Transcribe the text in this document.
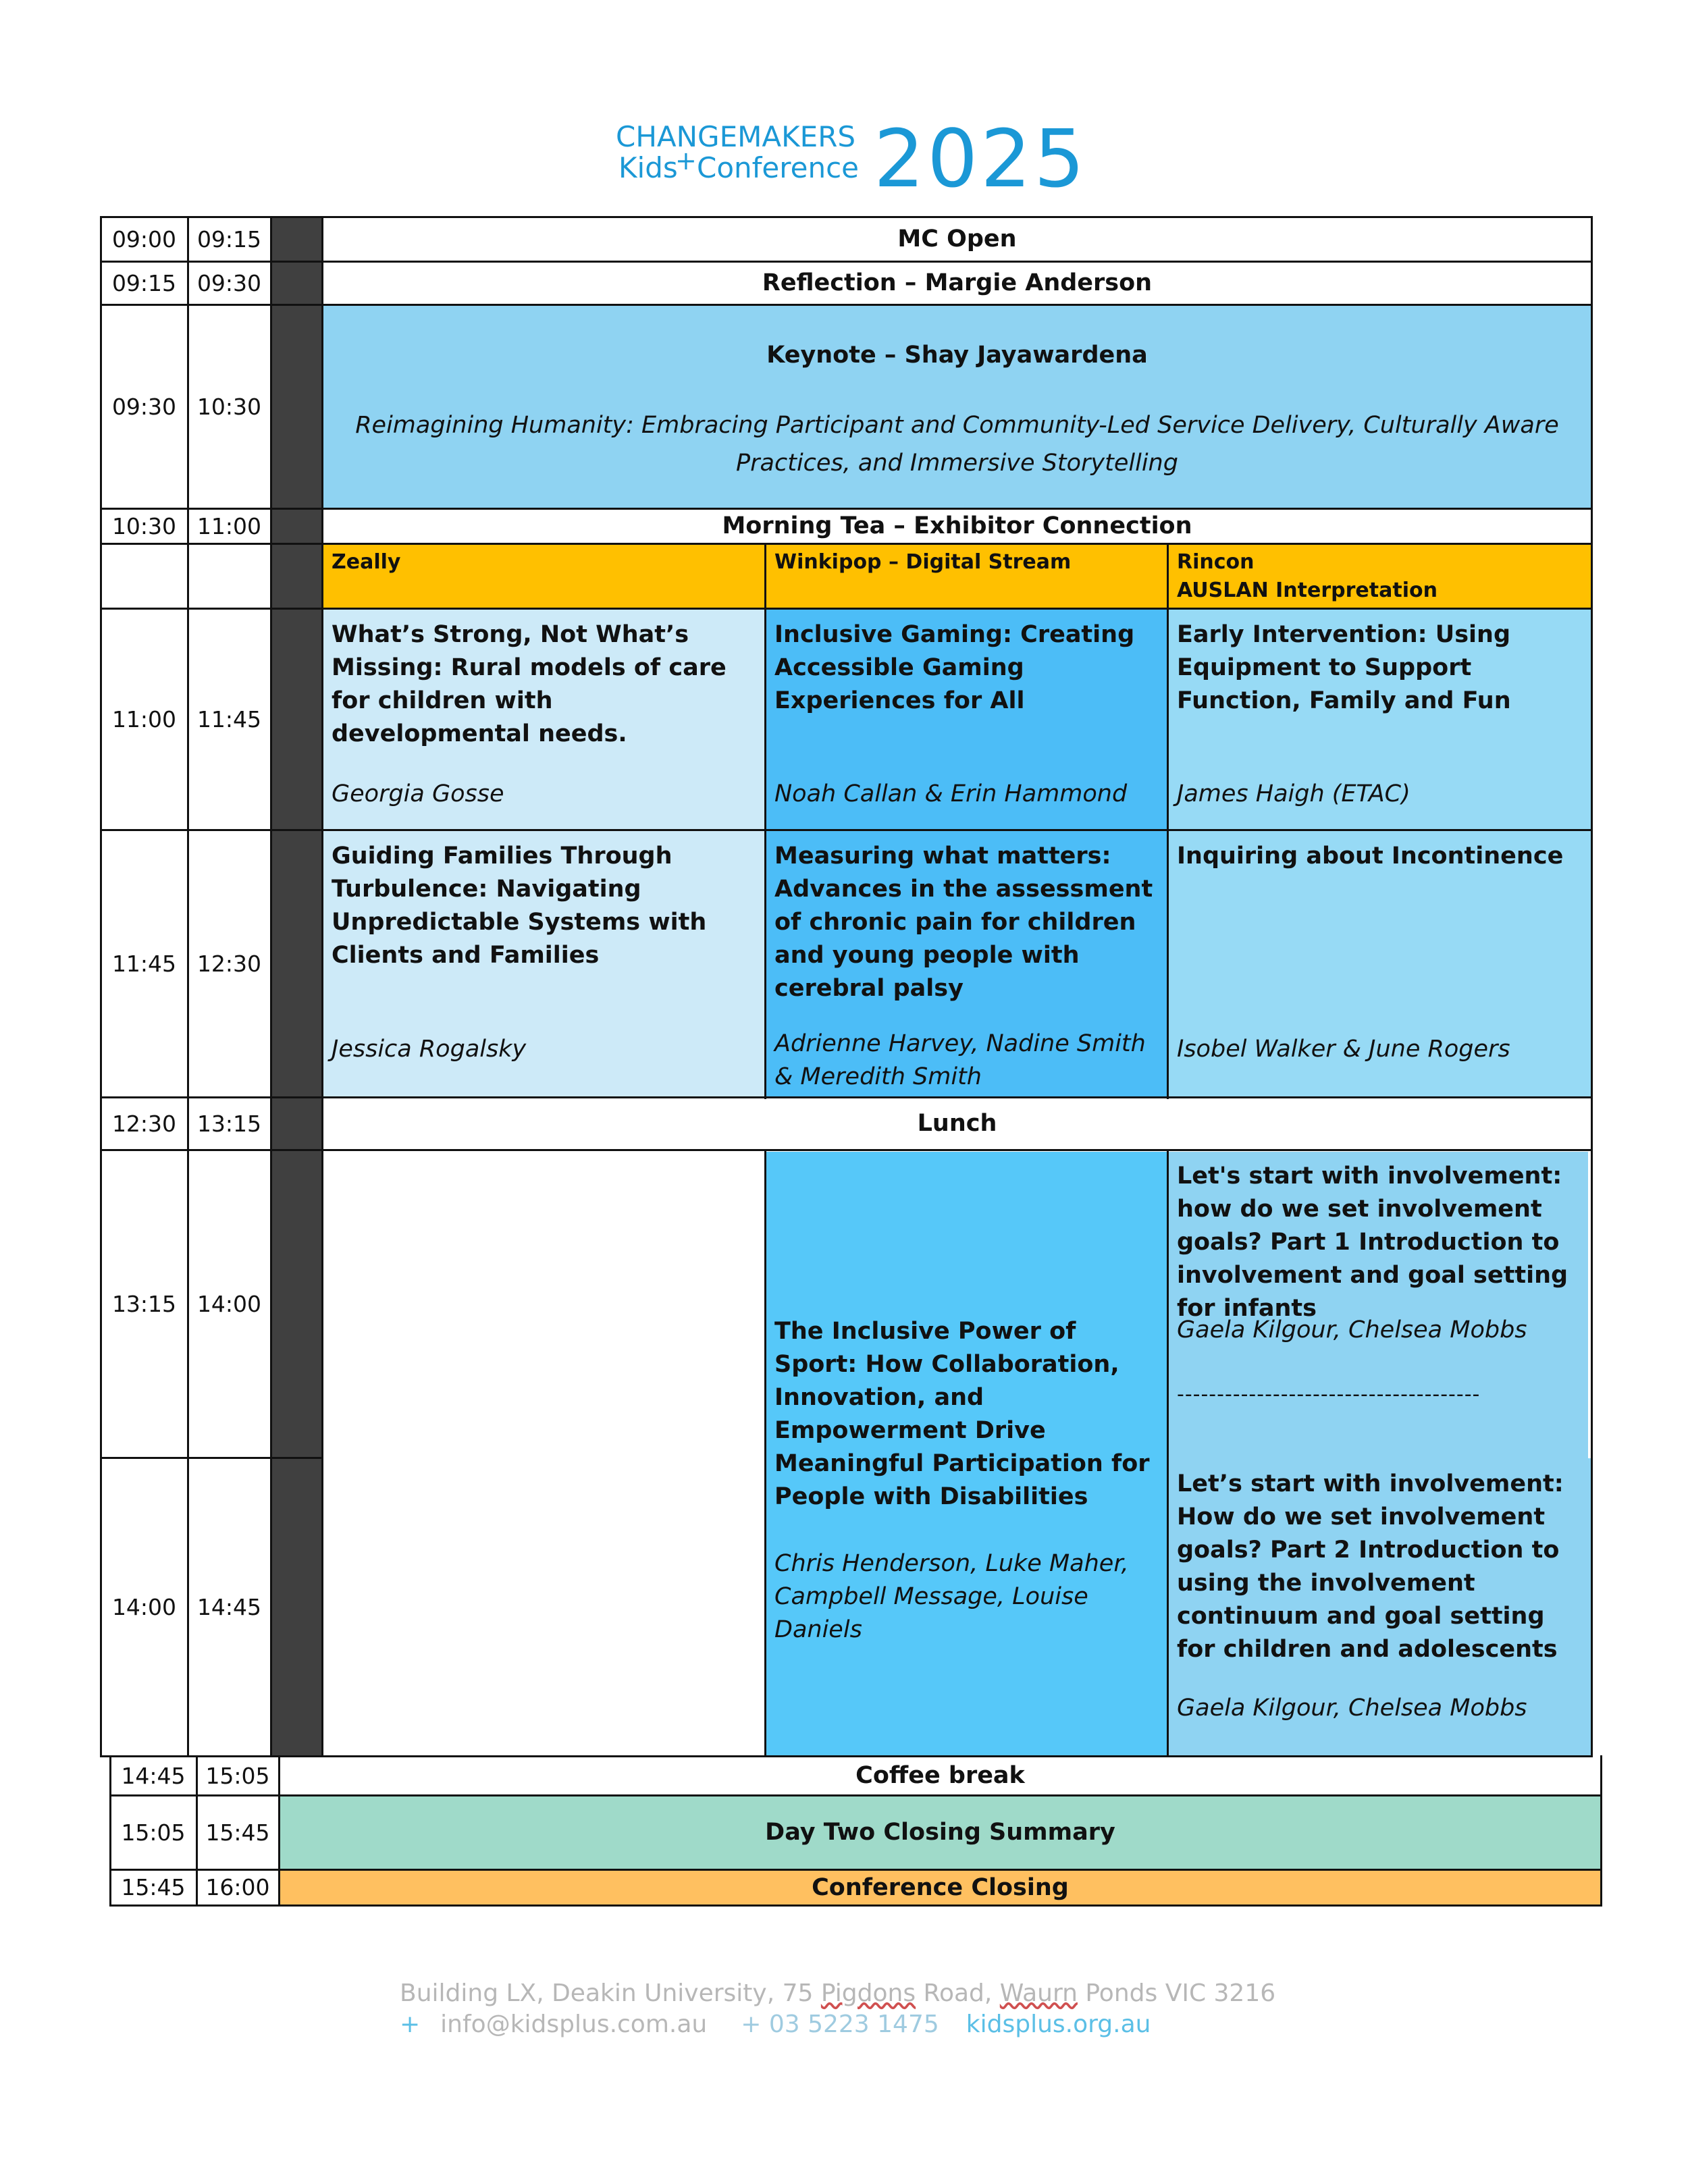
CHANGEMAKERS
Kids
+ Conference 2025
09:00 09:15
09:15 09:30
09:30 10:30
10:30 11:00
11:00 11:45
11:45 12:30
12:30 13:15
13:15 14:00
14:00 14:45
14:45 15:05
15:05 15:45
15:45 16:00
MC Open
Reflection – Margie Anderson
Keynote – Shay Jayawardena
Reimagining Humanity: Embracing Participant and Community-Led Service Delivery, Culturally Aware Practices, and Immersive Storytelling
Morning Tea – Exhibitor Connection
Zeally	Winkipop – Digital Stream	Rincon
AUSLAN Interpretation
What’s Strong, Not What’s Missing: Rural models of care for children with developmental needs.
Georgia Gosse
Inclusive Gaming: Creating Accessible Gaming Experiences for All
Noah Callan & Erin Hammond
Early Intervention: Using Equipment to Support Function, Family and Fun
James Haigh (ETAC)
Guiding Families Through Turbulence: Navigating Unpredictable Systems with Clients and Families
Jessica Rogalsky
Measuring what matters: Advances in the assessment of chronic pain for children and young people with cerebral palsy
Adrienne Harvey, Nadine Smith & Meredith Smith
Inquiring about Incontinence
Isobel Walker & June Rogers
Lunch
The Inclusive Power of Sport: How Collaboration, Innovation, and Empowerment Drive Meaningful Participation for People with Disabilities
Chris Henderson, Luke Maher, Campbell Message, Louise Daniels
Let's start with involvement: how do we set involvement goals? Part 1 Introduction to involvement and goal setting for infants
Gaela Kilgour, Chelsea Mobbs
--------------------------------------
Let’s start with involvement: How do we set involvement goals? Part 2 Introduction to using the involvement continuum and goal setting for children and adolescents
Gaela Kilgour, Chelsea Mobbs
Coffee break
Day Two Closing Summary
Conference Closing
Building LX, Deakin University, 75 Pigdons Road, Waurn Ponds VIC 3216
+ info@kidsplus.com.au + 03 5223 1475 kidsplus.org.au
